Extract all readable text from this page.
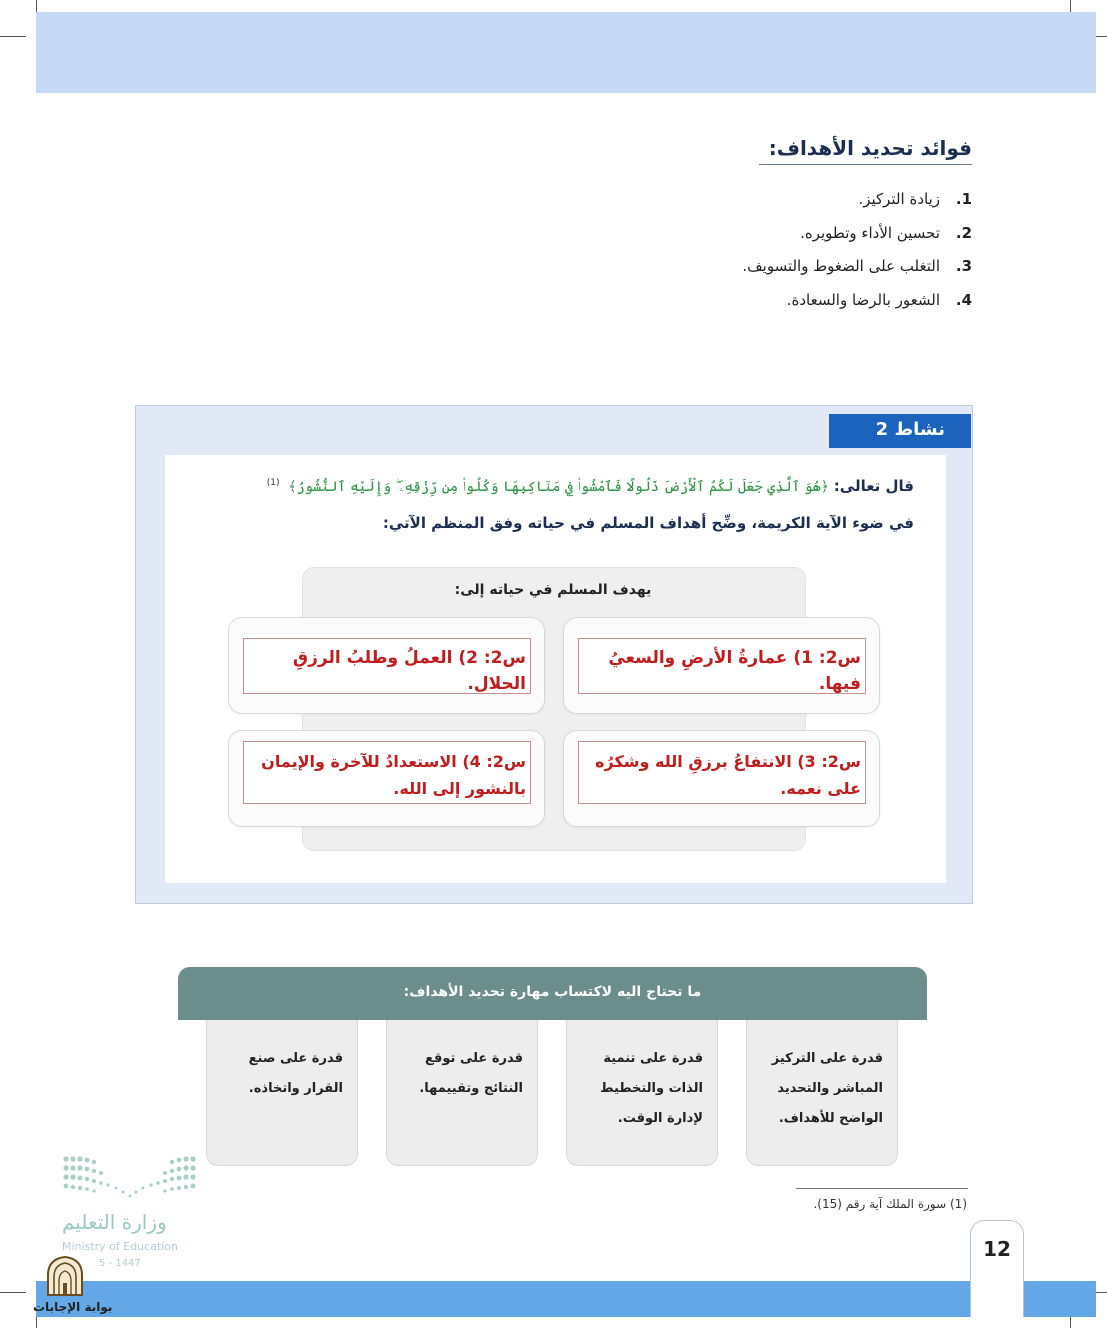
فوائد تحديد الأهداف:
1.
زيادة التركيز.
2.
تحسين الأداء وتطويره.
3.
التغلب على الضغوط والتسويف.
4.
الشعور بالرضا والسعادة.
نشاط 2
قال تعالى: ﴿هُوَ ٱلَّذِي جَعَلَ لَكُمُ ٱلْأَرْضَ ذَلُولًا فَٱمْشُوا۟ فِي مَنَاكِبِهَا وَكُلُوا۟ مِن رِّزْقِهِۦ ۖ وَإِلَيْهِ ٱلنُّشُورُ﴾ $^{(1)}$
في ضوء الآية الكريمة، وضِّح أهداف المسلم في حياته وفق المنظم الآتي:
يهدف المسلم في حياته إلى:
س2: 1) عمارةُ الأرضِ والسعيُ فيها.
س2: 2) العملُ وطلبُ الرزقِ الحلال.
س2: 3) الانتفاعُ برزقِ الله وشكرُه على نعمه.
س2: 4) الاستعدادُ للآخرة والإيمان بالنشور إلى الله.
ما تحتاج اليه لاكتساب مهارة تحديد الأهداف:
قدرة على التركيز المباشر والتحديد الواضح للأهداف.
قدرة على تنمية الذات والتخطيط لإدارة الوقت.
قدرة على توقع النتائج وتقييمها.
قدرة على صنع القرار واتخاذه.
(1) سورة الملك آية رقم (15).
12
وزارة التعليم
Ministry of Education
5 - 1447
بوابة الإجابات
